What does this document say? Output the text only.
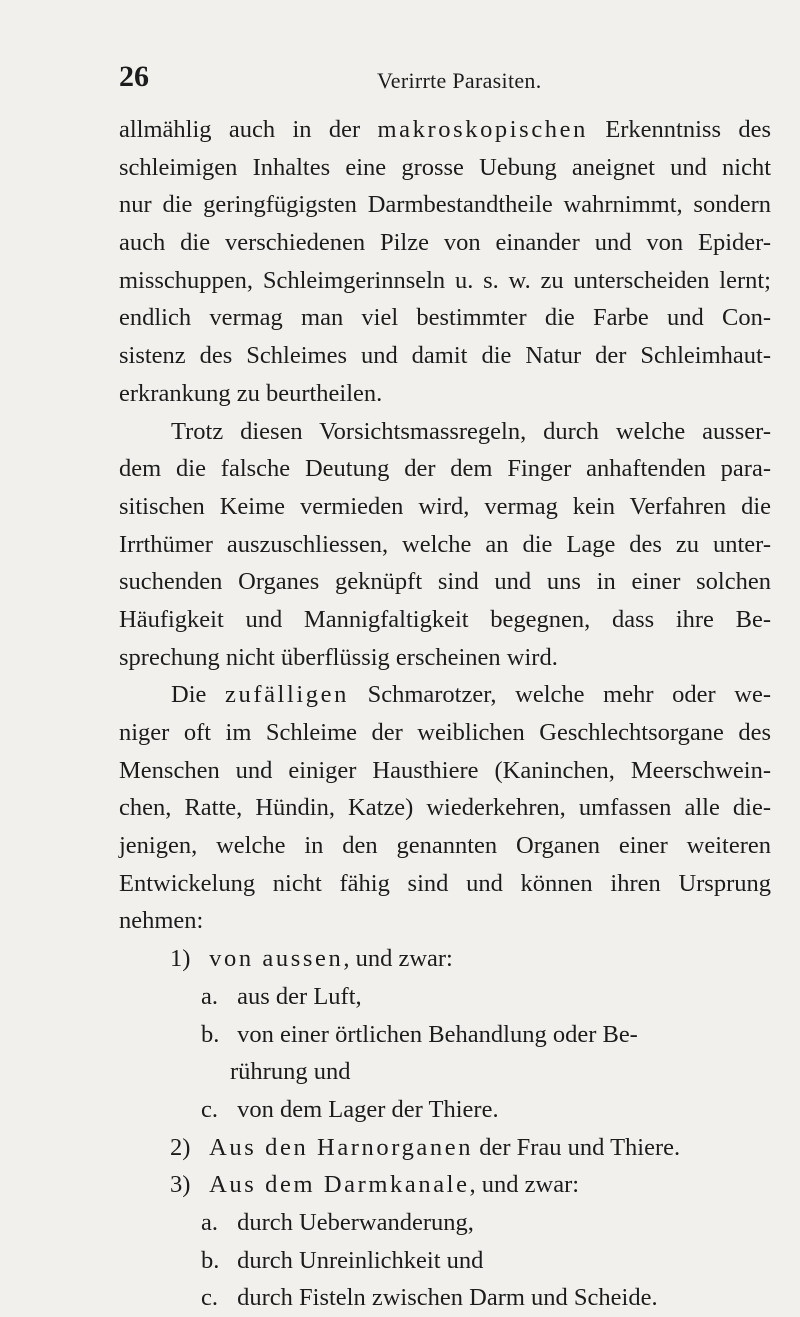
26	Verirrte Parasiten.
allmählig auch in der makroskopischen Erkenntniss des
schleimigen Inhaltes eine grosse Uebung aneignet und nicht
nur die geringfügigsten Darmbestandtheile wahrnimmt, sondern
auch die verschiedenen Pilze von einander und von Epider-
misschuppen, Schleimgerinnseln u. s. w. zu unterscheiden lernt;
endlich vermag man viel bestimmter die Farbe und Con-
sistenz des Schleimes und damit die Natur der Schleimhaut-
erkrankung zu beurtheilen.
Trotz diesen Vorsichtsmassregeln, durch welche ausser-
dem die falsche Deutung der dem Finger anhaftenden para-
sitischen Keime vermieden wird, vermag kein Verfahren die
Irrthümer auszuschliessen, welche an die Lage des zu unter-
suchenden Organes geknüpft sind und uns in einer solchen
Häufigkeit und Mannigfaltigkeit begegnen, dass ihre Be-
sprechung nicht überflüssig erscheinen wird.
Die zufälligen Schmarotzer, welche mehr oder we-
niger oft im Schleime der weiblichen Geschlechtsorgane des
Menschen und einiger Hausthiere (Kaninchen, Meerschwein-
chen, Ratte, Hündin, Katze) wiederkehren, umfassen alle die-
jenigen, welche in den genannten Organen einer weiteren
Entwickelung nicht fähig sind und können ihren Ursprung
nehmen:
1) von aussen, und zwar:
a. aus der Luft,
b. von einer örtlichen Behandlung oder Be-
rührung und
c. von dem Lager der Thiere.
2) Aus den Harnorganen der Frau und Thiere.
3) Aus dem Darmkanale, und zwar:
a. durch Ueberwanderung,
b. durch Unreinlichkeit und
c. durch Fisteln zwischen Darm und Scheide.
